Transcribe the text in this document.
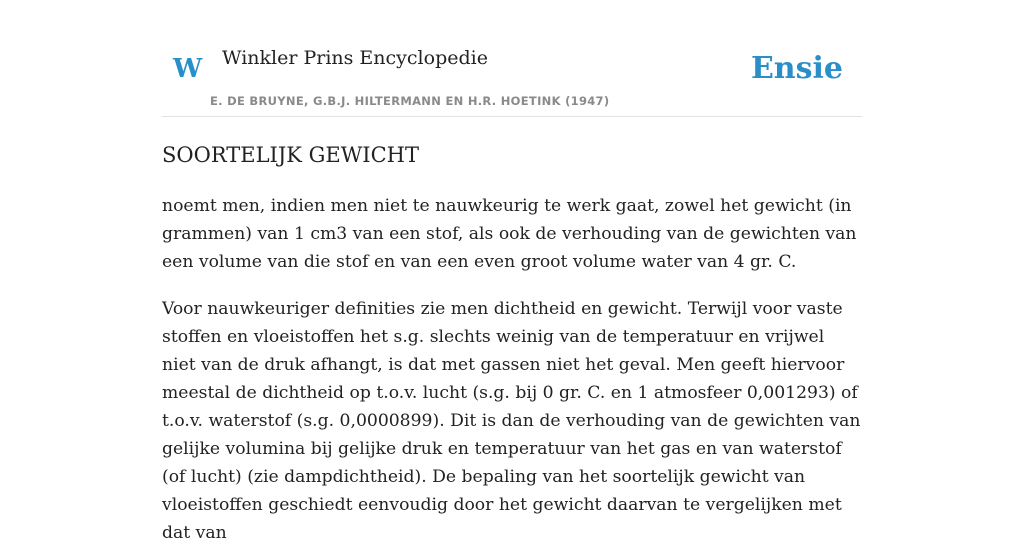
W Winkler Prins Encyclopedie
E. DE BRUYNE, G.B.J. HILTERMANN EN H.R. HOETINK (1947)
Ensie
SOORTELIJK GEWICHT

noemt men, indien men niet te nauwkeurig te werk gaat, zowel het gewicht (in grammen) van 1 cm3 van een stof, als ook de verhouding van de gewichten van een volume van die stof en van een even groot volume water van 4 gr. C.

Voor nauwkeuriger definities zie men dichtheid en gewicht. Terwijl voor vaste stoffen en vloeistoffen het s.g. slechts weinig van de temperatuur en vrijwel niet van de druk afhangt, is dat met gassen niet het geval. Men geeft hiervoor meestal de dichtheid op t.o.v. lucht (s.g. bij 0 gr. C. en 1 atmosfeer 0,001293) of t.o.v. waterstof (s.g. 0,0000899). Dit is dan de verhouding van de gewichten van gelijke volumina bij gelijke druk en temperatuur van het gas en van waterstof (of lucht) (zie dampdichtheid). De bepaling van het soortelijk gewicht van vloeistoffen geschiedt eenvoudig door het gewicht daarvan te vergelijken met dat van
